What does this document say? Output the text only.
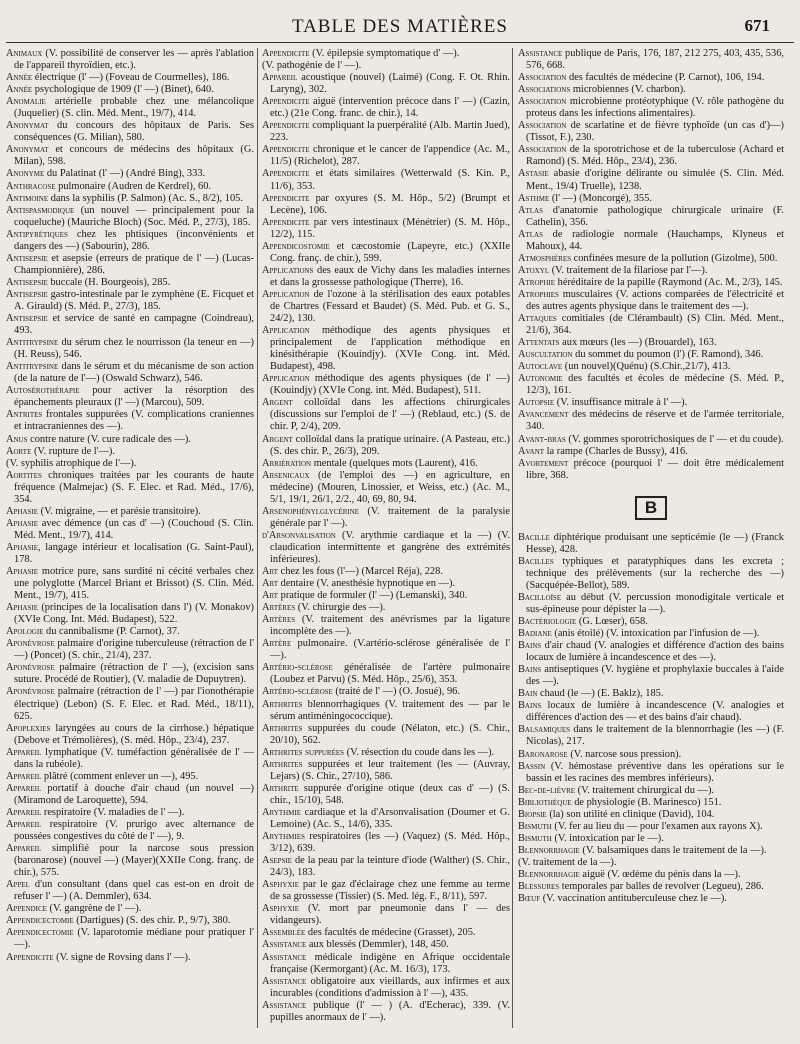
TABLE DES MATIÈRES	671

Animaux (V. possibilité de conserver les — après l'ablation de l'appareil thyroïdien, etc.).

Année électrique (l' —) (Foveau de Courmelles), 186.

Année psychologique de 1909 (l' —) (Binet), 640.

Anomalie artérielle probable chez une mélancolique (Juquelier) (S. clin. Méd. Ment., 19/7), 414.

Anonymat du concours des hôpitaux de Paris. Ses conséquences (G. Milian), 580.

Anonymat et concours de médecins des hôpitaux (G. Milan), 598.

Anonyme du Palatinat (l' —) (André Bing), 333.

Anthracose pulmonaire (Audren de Kerdrel), 60.

Antimoine dans la syphilis (P. Salmon) (Ac. S., 8/2), 105.

Antispasmodique (un nouvel — principalement pour la coqueluche) (Mauriche Bloch) (Soc. Méd. P., 27/3), 185.

Antipyrétiques chez les phtisiques (inconvénients et dangers des —) (Sabourin), 286.

Antisepsie et asepsie (erreurs de pratique de l' —) (Lucas-Championnière), 286.

Antisepsie buccale (H. Bourgeois), 285.

Antisepsie gastro-intestinale par le zymphène (E. Ficquet et A. Girauld) (S. Méd. P., 27/3), 185.

Antisepsie et service de santé en campagne (Coindreau), 493.

Antitrypsine du sérum chez le nourrisson (la teneur en —) (H. Reuss), 546.

Antitrypsine dans le sérum et du mécanisme de son action (de la nature de l'—) (Oswald Schwarz), 546.

Autosérothérapie pour activer la résorption des épanchements pleuraux (l' —) (Marcou), 509.

Antrites frontales suppurées (V. complications craniennes et intracraniennes des —).

Anus contre nature (V. cure radicale des —).

Aorte (V. rupture de l'—).

(V. syphilis atrophique de l'—).

Aortites chroniques traitées par les courants de haute fréquence (Malmejac) (S. F. Elec. et Rad. Méd., 17/6), 354.

Aphasie (V. migraine, — et parésie transitoire).

Aphasie avec démence (un cas d' —) (Couchoud (S. Clin. Méd. Ment., 19/7), 414.

Aphasie, langage intérieur et localisation (G. Saint-Paul), 178.

Aphasie motrice pure, sans surdité ni cécité verbales chez une polyglotte (Marcel Briant et Brissot) (S. Clin. Méd. Ment., 19/7), 415.

Aphasie (principes de la localisation dans l') (V. Monakov) (XVIe Cong. Int. Méd. Budapest), 522.

Apologie du cannibalisme (P. Carnot), 37.

Aponévrose palmaire d'origine tuberculeuse (rétraction de l' —) (Poncet) (S. chir., 21/4), 237.

Aponévrose palmaire (rétraction de l' —), (excision sans suture. Procédé de Routier), (V. maladie de Dupuytren).

Aponévrose palmaire (rétraction de l' —) par l'ionothérapie électrique) (Lebon) (S. F. Elec. et Rad. Méd., 18/11), 625.

Apoplexies laryngées au cours de la cirrhose.) hépatique (Debove et Trémolières), (S. méd. Hôp., 23/4), 237.

Appareil lymphatique (V. tuméfaction généralisée de l' — dans la rubéole).

Appareil plâtré (comment enlever un —), 495.

Appareil portatif à douche d'air chaud (un nouvel —) (Miramond de Laroquette), 594.

Appareil respiratoire (V. maladies de l' —).

Appareil respiratoire (V. prurigo avec alternance de poussées congestives du côté de l' —), 9.

Appareil simplifié pour la narcose sous pression (baronarose) (nouvel —) (Mayer)(XXIIe Cong. franç. de chir.), 575.

Appel d'un consultant (dans quel cas est-on en droit de refuser l' —) (A. Demmler), 634.

Appendice (V. gangrène de l' —).

Appendicectomie (Dartigues) (S. des chir. P., 9/7), 380.

Appendicectomie (V. laparotomie médiane pour pratiquer l' —).

Appendicite (V. signe de Rovsing dans l' —).

Appendicite (V. épilepsie symptomatique d' —).

(V. pathogénie de l' —).

Appareil acoustique (nouvel) (Laimé) (Cong. F. Ot. Rhin. Laryng), 302.

Appendicite aiguë (intervention précoce dans l' —) (Cazin, etc.) (21e Cong. franc. de chir.), 14.

Appendicite compliquant la puerpéralité (Alb. Martin Jued), 223.

Appendicite chronique et le cancer de l'appendice (Ac. M., 11/5) (Richelot), 287.

Appendicite et états similaires (Wetterwald (S. Kin. P., 11/6), 353.

Appendicite par oxyures (S. M. Hôp., 5/2) (Brumpt et Lecène), 106.

Appendicite par vers intestinaux (Ménétrier) (S. M. Hôp., 12/2), 115.

Appendicostomie et cæcostomie (Lapeyre, etc.) (XXIIe Cong. franç. de chir.), 599.

Applications des eaux de Vichy dans les maladies internes et dans la grossesse pathologique (Therre), 16.

Application de l'ozone à la stérilisation des eaux potables de Chartres (Fessard et Baudet) (S. Méd. Pub. et G. S., 24/2), 130.

Application méthodique des agents physiques et principalement de l'application méthodique en kinésithérapie (Kouindjy). (XVIe Cong. int. Méd. Budapest), 498.

Application méthodique des agents physiques (de l' —) (Kouindjy) (XVIe Cong. int. Méd. Budapest), 511.

Argent colloïdal dans les affections chirurgicales (discussions sur l'emploi de l' —) (Reblaud, etc.) (S. de chir. P, 2/4), 209.

Argent colloïdal dans la pratique urinaire. (A Pasteau, etc.) (S. des chir. P., 26/3), 209.

Arriération mentale (quelques mots (Laurent), 416.

Arsenicaux (de l'emploi des —) en agriculture, en médecine) (Mouren, Linossier, et Weiss, etc.) (Ac. M., 5/1, 19/1, 26/1, 2/2., 40, 69, 80, 94.

Arsenophénylglycérine (V. traitement de la paralysie générale par l' —).

d'Arsonvalisation (V. arythmie cardiaque et la —) (V. claudication intermittente et gangrène des extrémités inférieures).

Art chez les fous (l'—) (Marcel Réja), 228.

Art dentaire (V. anesthésie hypnotique en —).

Art pratique de formuler (l' —) (Lemanski), 340.

Artères (V. chirurgie des —).

Artères (V. traitement des anévrismes par la ligature incomplète des —).

Artère pulmonaire. (V.artério-sclérose généralisée de l' —).

Artério-sclérose généralisée de l'artère pulmonaire (Loubez et Parvu) (S. Méd. Hôp., 25/6), 353.

Artério-sclérose (traité de l' —) (O. Josué), 96.

Arthrites blennorrhagiques (V. traitement des — par le sérum antiméningococcique).

Arthrites suppurées du coude (Nélaton, etc.) (S. Chir., 20/10), 562.

Arthrites suppurées (V. résection du coude dans les —).

Arthrites suppurées et leur traitement (les — (Auvray, Lejars) (S. Chir., 27/10), 586.

Arthrite suppurée d'origine otique (deux cas d' —) (S. chir., 15/10), 548.

Arythmie cardiaque et la d'Arsonvalisation (Doumer et G. Lemoine) (Ac. S., 14/6), 335.

Arythmies respiratoires (les —) (Vaquez) (S. Méd. Hôp., 3/12), 639.

Asepsie de la peau par la teinture d'iode (Walther) (S. Chir., 24/3), 183.

Asphyxie par le gaz d'éclairage chez une femme au terme de sa grossesse (Tissier) (S. Med. lég. F., 8/11), 597.

Asphyxie (V. mort par pneumonie dans l' — des vidangeurs).

Assemblée des facultés de médecine (Grasset), 205.

Assistance aux blessés (Demmler), 148, 450.

Assistance médicale indigène en Afrique occidentale française (Kermorgant) (Ac. M. 16/3), 173.

Assistance obligatoire aux vieillards, aux infirmes et aux incurables (conditions d'admission à l' —), 435.

Assistance publique (l' — ) (A. d'Echerac), 339. (V. pupilles anormaux de l' —).

Assistance publique de Paris, 176, 187, 212 275, 403, 435, 536, 576, 668.

Association des facultés de médecine (P. Carnot), 106, 194.

Associations microbiennes (V. charbon).

Association microbienne protéotyphique (V. rôle pathogène du proteus dans les infections alimentaires).

Association de scarlatine et de fièvre typhoïde (un cas d')—) (Tissot, F.), 230.

Association de la sporotrichose et de la tuberculose (Achard et Ramond) (S. Méd. Hôp., 23/4), 236.

Astasie abasie d'origine délirante ou simulée (S. Clin. Méd. Ment., 19/4) Truelle), 1238.

Asthme (l' —) (Moncorgé), 355.

Atlas d'anatomie pathologique chirurgicale urinaire (F. Cathelin), 356.

Atlas de radiologie normale (Hauchamps, Klyneus et Mahoux), 44.

Atmosphères confinées mesure de la pollution (Gizolme), 500.

Atoxyl (V. traitement de la filariose par l'—).

Atrophie héréditaire de la papille (Raymond (Ac. M., 2/3), 145.

Atrophies musculaires (V. actions comparées de l'électricité et des autres agents physique dans le traitement des —).

Attaques comitiales (de Clérambault) (S) Clin. Méd. Ment., 21/6), 364.

Attentats aux mœurs (les —) (Brouardel), 163.

Auscultation du sommet du poumon (l') (F. Ramond), 346.

Autoclave (un nouvel)(Quénu) (S.Chir.,21/7), 413.

Autonomie des facultés et écoles de médecine (S. Méd. P., 12/3), 161.

Autopsie (V. insuffisance mitrale à l' —).

Avancement des médecins de réserve et de l'armée territoriale, 340.

Avant-bras (V. gommes sporotrichosiques de l' — et du coude).

Avant la rampe (Charles de Bussy), 416.

Avortement précoce (pourquoi l' — doit être médicalement libre, 368.

B

Bacille diphtérique produisant une septicémie (le —) (Franck Hesse), 428.

Bacilles typhiques et paratyphiques dans les excreta ; technique des prélèvements (sur la recherche des —) (Sacquépée-Bellot), 589.

Bacilloïse au début (V. percussion monodigitale verticale et sus-épineuse pour dépister la —).

Bactériologie (G. Lœser), 658.

Badiane (anis étoilé) (V. intoxication par l'infusion de —).

Bains d'air chaud (V. analogies et différence d'action des bains locaux de lumière à incandescence et des —).

Bains antiseptiques (V. hygiène et prophylaxie buccales à l'aide des —).

Bain chaud (le —) (E. Baklz), 185.

Bains locaux de lumière à incandescence (V. analogies et différences d'action des — et des bains d'air chaud).

Balsamiques dans le traitement de la blennorrhagie (les —) (F. Nicolas), 217.

Baronarose (V. narcose sous pression).

Bassin (V. hémostase préventive dans les opérations sur le bassin et les racines des membres inférieurs).

Bec-de-lièvre (V. traitement chirurgical du —).

Bibliothèque de physiologie (B. Marinesco) 151.

Biopsie (la) son utilité en clinique (David), 104.

Bismuth (V. fer au lieu du — pour l'examen aux rayons X).

Bismuth (V. intoxication par le —).

Blennorrhagie (V. balsamiques dans le traitement de la —).

(V. traitement de la —).

Blennorrhagie aiguë (V. œdème du pénis dans la —).

Blessures temporales par balles de revolver (Legueu), 286.

Bœuf (V. vaccination antituberculeuse chez le —).
